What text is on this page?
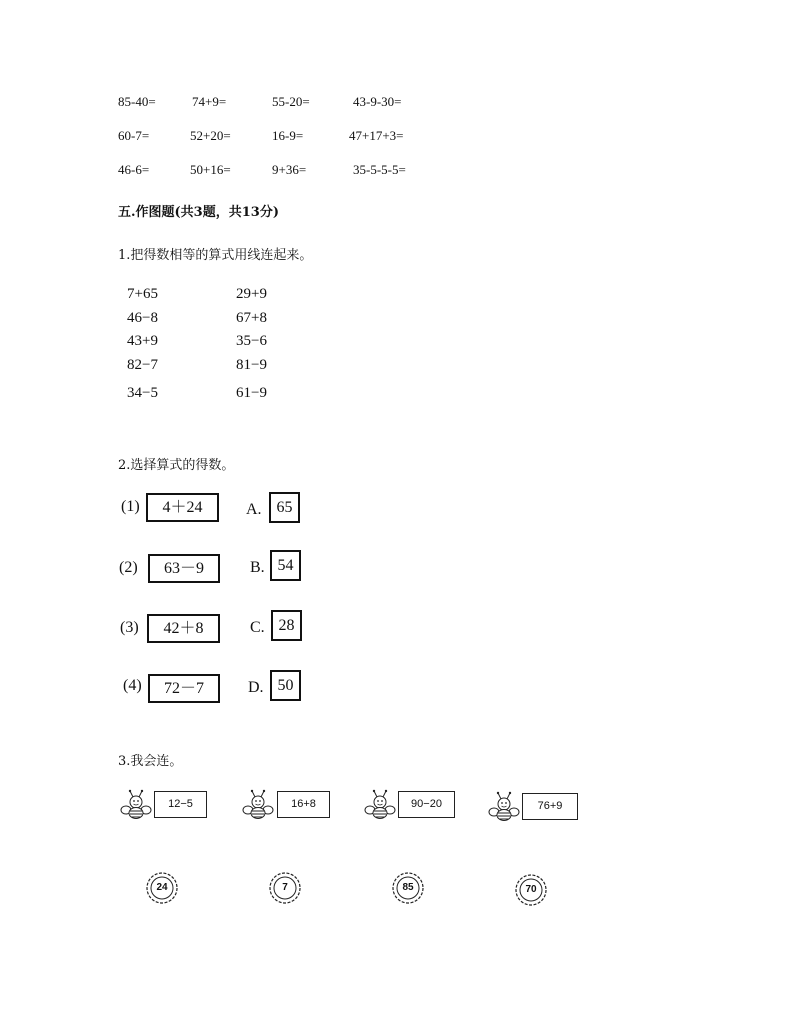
85-40=	74+9=	55-20=	43-9-30=
60-7=	52+20=	16-9=	47+17+3=
46-6=	50+16=	9+36=	35-5-5-5=
五.作图题(共3题，共13分)
1.把得数相等的算式用线连起来。
7+65
46−8
43+9
82−7
34−5
29+9
67+8
35−6
81−9
61−9
2.选择算式的得数。
(1)	4＋24	A. 65
(2)	63－9	B. 54
(3)	42＋8	C. 28
(4)	72－7	D. 50
3.我会连。
12−5	16+8	90−20	76+9
24	7	85	70
